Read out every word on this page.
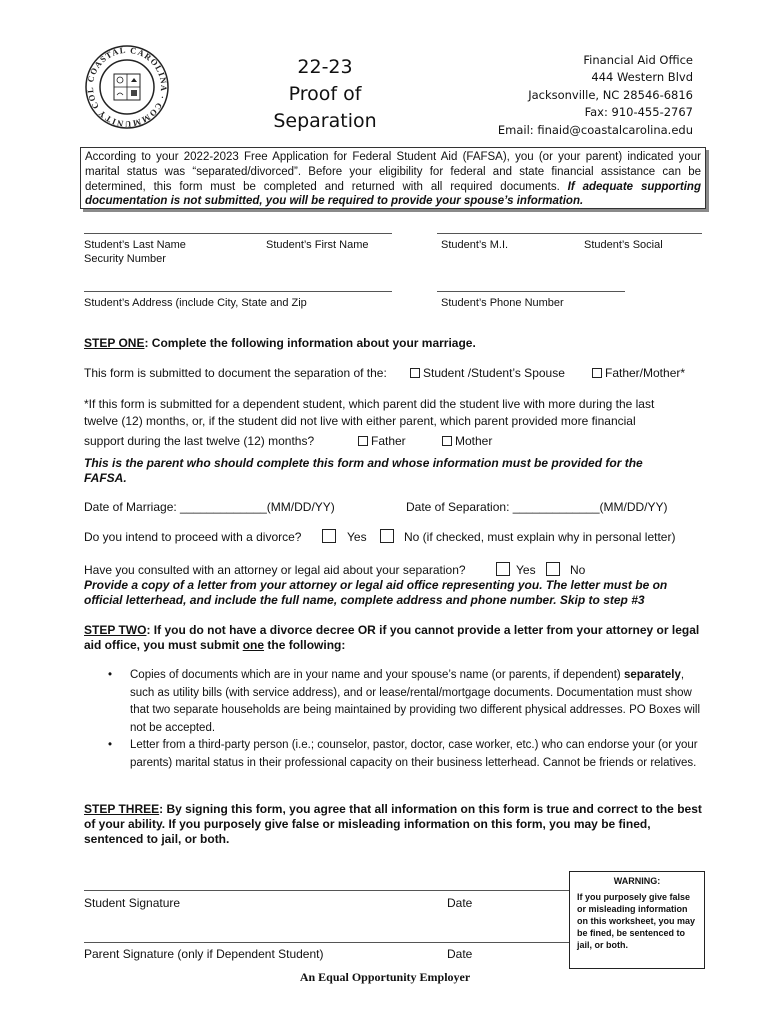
COASTAL CAROLINA · COMMUNITY COL
22-23
Proof of
Separation
Financial Aid Office
444 Western Blvd
Jacksonville, NC 28546-6816
Fax: 910-455-2767
Email: finaid@coastalcarolina.edu
According to your 2022-2023 Free Application for Federal Student Aid (FAFSA), you (or your parent) indicated your marital status was “separated/divorced”. Before your eligibility for federal and state financial assistance can be determined, this form must be completed and returned with all required documents. If adequate supporting documentation is not submitted, you will be required to provide your spouse’s information.
Student’s Last Name	Student’s First Name	Student’s M.I.	Student’s Social
Security Number
Student’s Address (include City, State and Zip	Student’s Phone Number
STEP ONE: Complete the following information about your marriage.
This form is submitted to document the separation of the:	Student /Student’s Spouse	Father/Mother*
*If this form is submitted for a dependent student, which parent did the student live with more during the last
twelve (12) months, or, if the student did not live with either parent, which parent provided more financial
support during the last twelve (12) months?	Father	Mother
This is the parent who should complete this form and whose information must be provided for the FAFSA.
Date of Marriage: _____________(MM/DD/YY)	Date of Separation: _____________(MM/DD/YY)
Do you intend to proceed with a divorce?	Yes	No (if checked, must explain why in personal letter)
Have you consulted with an attorney or legal aid about your separation?	Yes	No
Provide a copy of a letter from your attorney or legal aid office representing you. The letter must be on official letterhead, and include the full name, complete address and phone number. Skip to step #3
STEP TWO: If you do not have a divorce decree OR if you cannot provide a letter from your attorney or legal aid office, you must submit one the following:
• Copies of documents which are in your name and your spouse’s name (or parents, if dependent) separately, such as utility bills (with service address), and or lease/rental/mortgage documents. Documentation must show that two separate households are being maintained by providing two different physical addresses. PO Boxes will not be accepted.
• Letter from a third-party person (i.e.; counselor, pastor, doctor, case worker, etc.) who can endorse your (or your parents) marital status in their professional capacity on their business letterhead. Cannot be friends or relatives.
STEP THREE: By signing this form, you agree that all information on this form is true and correct to the best of your ability. If you purposely give false or misleading information on this form, you may be fined, sentenced to jail, or both.
Student Signature	Date
Parent Signature (only if Dependent Student)	Date
WARNING:
If you purposely give false or misleading information on this worksheet, you may be fined, be sentenced to jail, or both.
An Equal Opportunity Employer
